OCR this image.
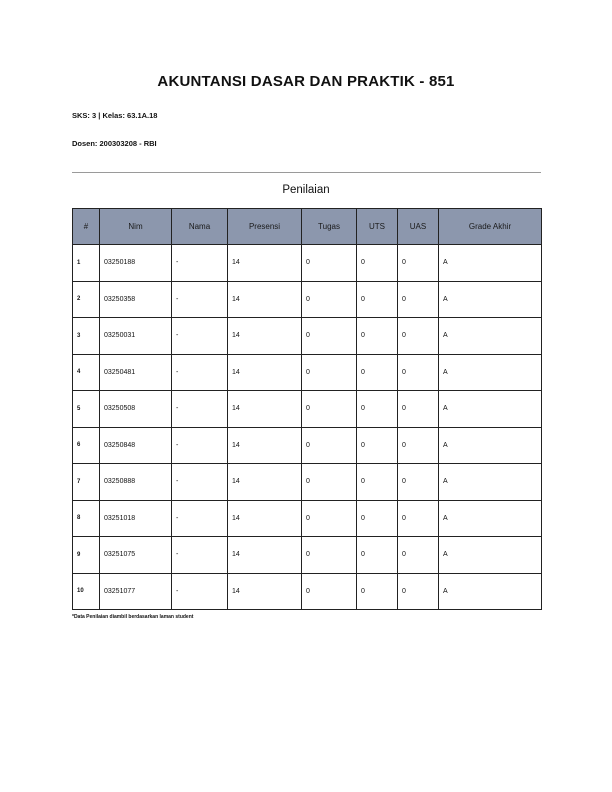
AKUNTANSI DASAR DAN PRAKTIK - 851
SKS: 3 | Kelas: 63.1A.18
Dosen: 200303208 - RBI
Penilaian
#	Nim	Nama	Presensi	Tugas	UTS	UAS	Grade Akhir
1	03250188	-	14	0	0	0	A
2	03250358	-	14	0	0	0	A
3	03250031	-	14	0	0	0	A
4	03250481	-	14	0	0	0	A
5	03250508	-	14	0	0	0	A
6	03250848	-	14	0	0	0	A
7	03250888	-	14	0	0	0	A
8	03251018	-	14	0	0	0	A
9	03251075	-	14	0	0	0	A
10	03251077	-	14	0	0	0	A
*Data Penilaian diambil berdasarkan laman student
